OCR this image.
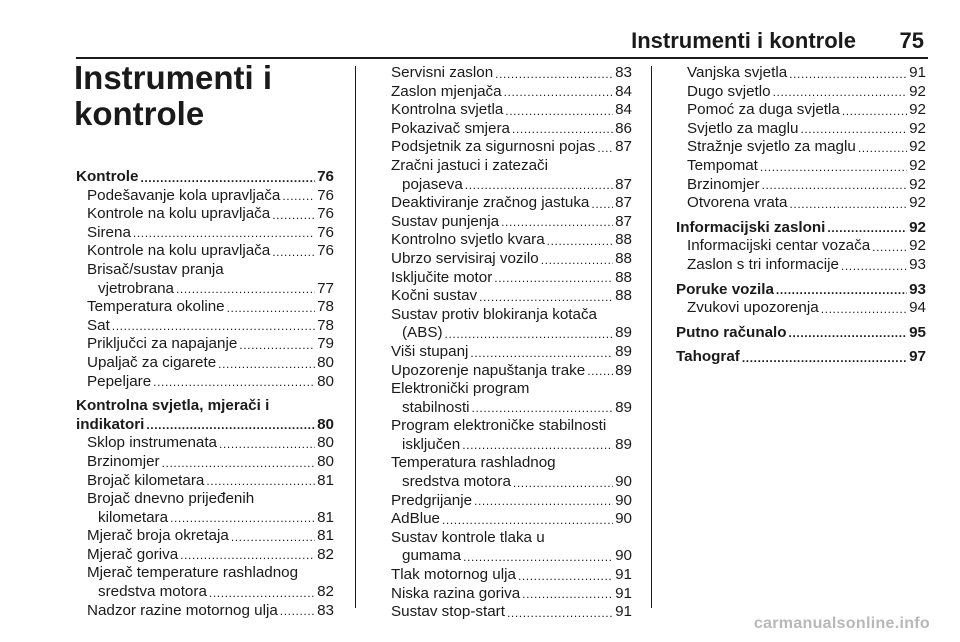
Instrumenti i kontrole 75
Instrumenti i
kontrole
Kontrole .....	76
Podešavanje kola upravljača ..... 76
Kontrole na kolu upravljača .....	76
Sirena .....	76
Kontrole na kolu upravljača .....	76
Brisač/sustav pranja
vjetrobrana .....	77
Temperatura okoline .....	78
Sat .....	78
Priključci za napajanje .....	79
Upaljač za cigarete .....	80
Pepeljare .....	80
Kontrolna svjetla, mjerači i
indikatori .....	80
Sklop instrumenata .....	80
Brzinomjer .....	80
Brojač kilometara .....	81
Brojač dnevno prijeđenih
kilometara .....	81
Mjerač broja okretaja .....	81
Mjerač goriva .....	82
Mjerač temperature rashladnog
sredstva motora .....	82
Nadzor razine motornog ulja .....	83
Servisni zaslon .....	83
Zaslon mjenjača .....	84
Kontrolna svjetla .....	84
Pokazivač smjera .....	86
Podsjetnik za sigurnosni pojas ..... 87
Zračni jastuci i zatezači
pojaseva .....	87
Deaktiviranje zračnog jastuka ..... 87
Sustav punjenja .....	87
Kontrolno svjetlo kvara .....	88
Ubrzo servisiraj vozilo .....	88
Isključite motor .....	88
Kočni sustav .....	88
Sustav protiv blokiranja kotača
(ABS) .....	89
Viši stupanj .....	89
Upozorenje napuštanja trake ..... 89
Elektronički program
stabilnosti .....	89
Program elektroničke stabilnosti
isključen .....	89
Temperatura rashladnog
sredstva motora .....	90
Predgrijanje .....	90
AdBlue .....	90
Sustav kontrole tlaka u
gumama .....	90
Tlak motornog ulja .....	91
Niska razina goriva .....	91
Sustav stop-start .....	91
Vanjska svjetla .....	91
Dugo svjetlo .....	92
Pomoć za duga svjetla .....	92
Svjetlo za maglu .....	92
Stražnje svjetlo za maglu .....	92
Tempomat .....	92
Brzinomjer .....	92
Otvorena vrata .....	92
Informacijski zasloni .....	92
Informacijski centar vozača .....	92
Zaslon s tri informacije .....	93
Poruke vozila .....	93
Zvukovi upozorenja .....	94
Putno računalo .....	95
Tahograf .....	97
carmanualsonline.info
